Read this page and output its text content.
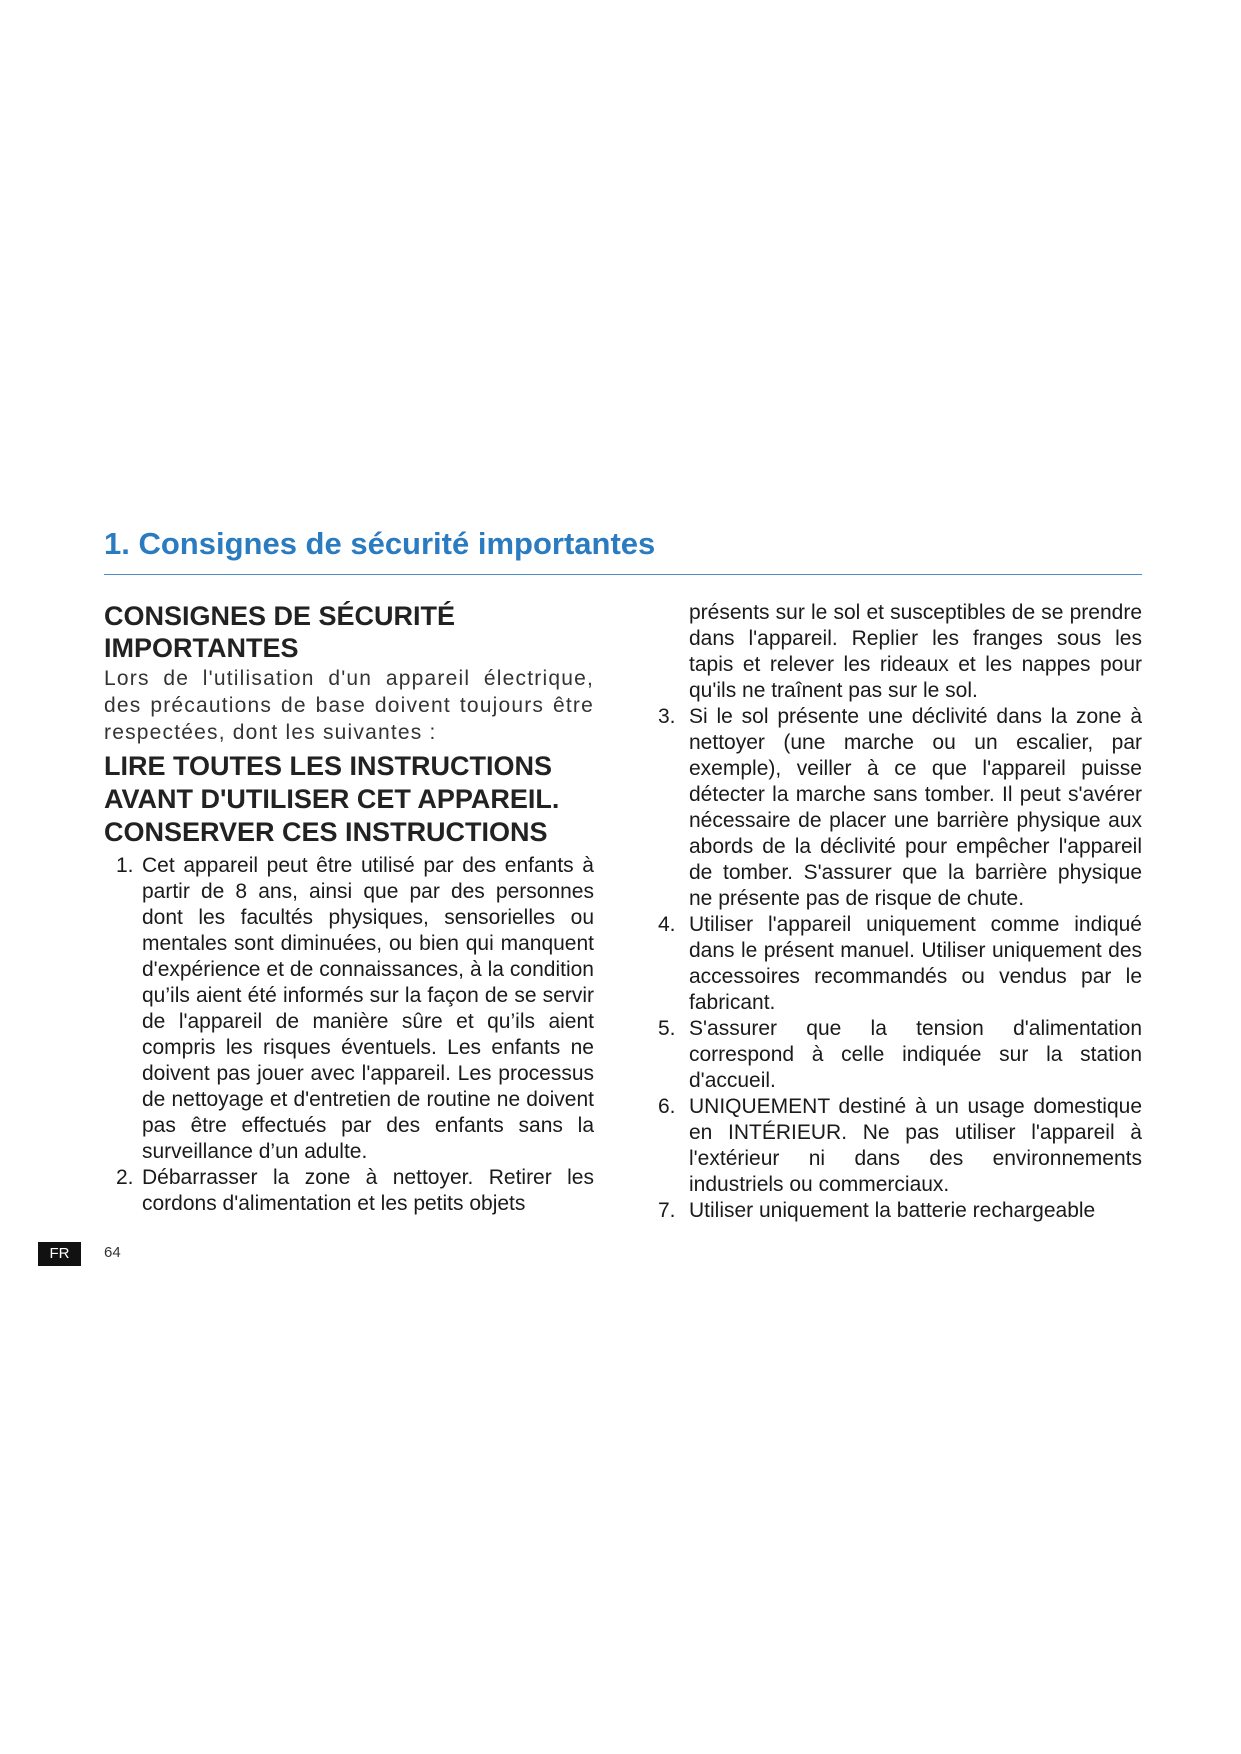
1. Consignes de sécurité importantes
CONSIGNES DE SÉCURITÉ IMPORTANTES

Lors de l'utilisation d'un appareil électrique, des précautions de base doivent toujours être respectées, dont les suivantes :

LIRE TOUTES LES INSTRUCTIONS
AVANT D'UTILISER CET APPAREIL.
CONSERVER CES INSTRUCTIONS
1. Cet appareil peut être utilisé par des enfants à partir de 8 ans, ainsi que par des personnes dont les facultés physiques, sensorielles ou mentales sont diminuées, ou bien qui manquent d'expérience et de connaissances, à la condition qu’ils aient été informés sur la façon de se servir de l'appareil de manière sûre et qu’ils aient compris les risques éventuels. Les enfants ne doivent pas jouer avec l'appareil. Les processus de nettoyage et d'entretien de routine ne doivent pas être effectués par des enfants sans la surveillance d’un adulte.
2. Débarrasser la zone à nettoyer. Retirer les cordons d'alimentation et les petits objets
présents sur le sol et susceptibles de se prendre dans l'appareil. Replier les franges sous les tapis et relever les rideaux et les nappes pour qu'ils ne traînent pas sur le sol.
3. Si le sol présente une déclivité dans la zone à nettoyer (une marche ou un escalier, par exemple), veiller à ce que l'appareil puisse détecter la marche sans tomber. Il peut s'avérer nécessaire de placer une barrière physique aux abords de la déclivité pour empêcher l'appareil de tomber. S'assurer que la barrière physique ne présente pas de risque de chute.
4. Utiliser l'appareil uniquement comme indiqué dans le présent manuel. Utiliser uniquement des accessoires recommandés ou vendus par le fabricant.
5. S'assurer que la tension d'alimentation correspond à celle indiquée sur la station d'accueil.
6. UNIQUEMENT destiné à un usage domestique en INTÉRIEUR. Ne pas utiliser l'appareil à l'extérieur ni dans des environnements industriels ou commerciaux.
7. Utiliser uniquement la batterie rechargeable
FR	64
